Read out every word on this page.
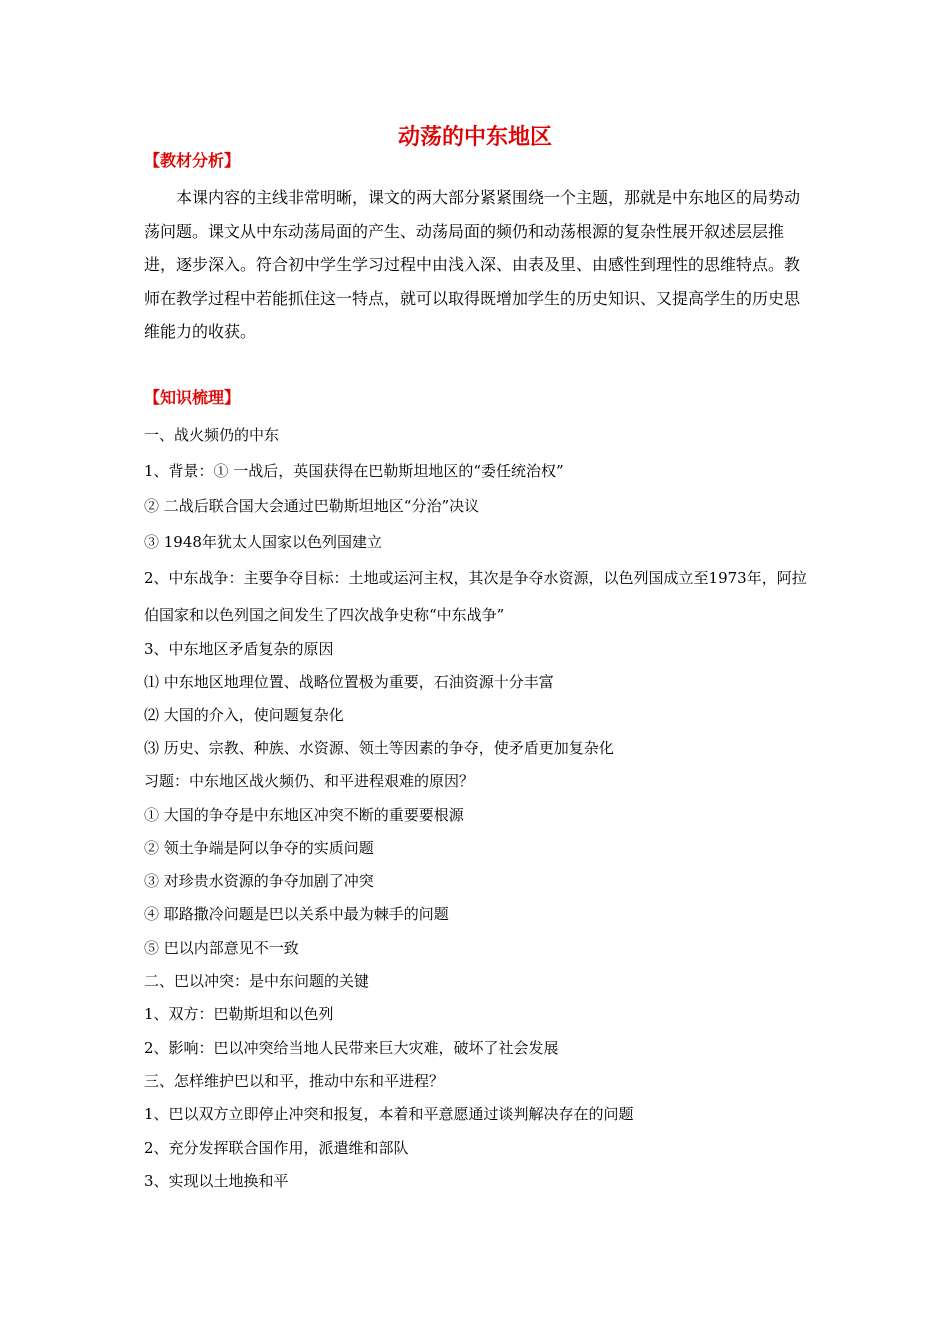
动荡的中东地区
【教材分析】
本课内容的主线非常明晰，课文的两大部分紧紧围绕一个主题，那就是中东地区的局势动荡问题。课文从中东动荡局面的产生、动荡局面的频仍和动荡根源的复杂性展开叙述层层推进，逐步深入。符合初中学生学习过程中由浅入深、由表及里、由感性到理性的思维特点。教师在教学过程中若能抓住这一特点，就可以取得既增加学生的历史知识、又提高学生的历史思维能力的收获。
【知识梳理】
一、战火频仍的中东
1、背景：① 一战后，英国获得在巴勒斯坦地区的“委任统治权”
② 二战后联合国大会通过巴勒斯坦地区“分治”决议
③ 1948年犹太人国家以色列国建立
2、中东战争：主要争夺目标：土地或运河主权，其次是争夺水资源，以色列国成立至1973年，阿拉伯国家和以色列国之间发生了四次战争史称“中东战争”
3、中东地区矛盾复杂的原因
⑴ 中东地区地理位置、战略位置极为重要，石油资源十分丰富
⑵ 大国的介入，使问题复杂化
⑶ 历史、宗教、种族、水资源、领土等因素的争夺，使矛盾更加复杂化
习题：中东地区战火频仍、和平进程艰难的原因？
① 大国的争夺是中东地区冲突不断的重要要根源
② 领土争端是阿以争夺的实质问题
③ 对珍贵水资源的争夺加剧了冲突
④ 耶路撒冷问题是巴以关系中最为棘手的问题
⑤ 巴以内部意见不一致
二、巴以冲突：是中东问题的关键
1、双方：巴勒斯坦和以色列
2、影响：巴以冲突给当地人民带来巨大灾难，破坏了社会发展
三、怎样维护巴以和平，推动中东和平进程？
1、巴以双方立即停止冲突和报复，本着和平意愿通过谈判解决存在的问题
2、充分发挥联合国作用，派遣维和部队
3、实现以土地换和平
